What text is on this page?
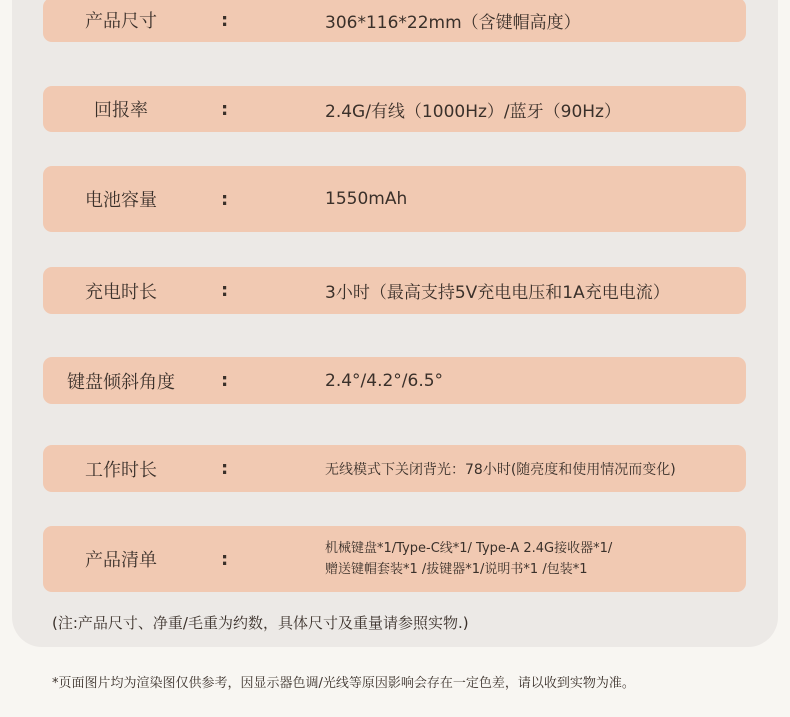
产品尺寸	:	306*116*22mm（含键帽高度）
回报率	:	2.4G/有线（1000Hz）/蓝牙（90Hz）
电池容量	:	1550mAh
充电时长	:	3小时（最高支持5V充电电压和1A充电电流）
键盘倾斜角度	:	2.4°/4.2°/6.5°
工作时长	:	无线模式下关闭背光：78小时(随亮度和使用情况而变化)
产品清单	:	机械键盘*1/Type-C线*1/ Type-A 2.4G接收器*1/
赠送键帽套装*1 /拔键器*1/说明书*1 /包装*1
(注:产品尺寸、净重/毛重为约数，具体尺寸及重量请参照实物.)
*页面图片均为渲染图仅供参考，因显示器色调/光线等原因影响会存在一定色差，请以收到实物为准。
